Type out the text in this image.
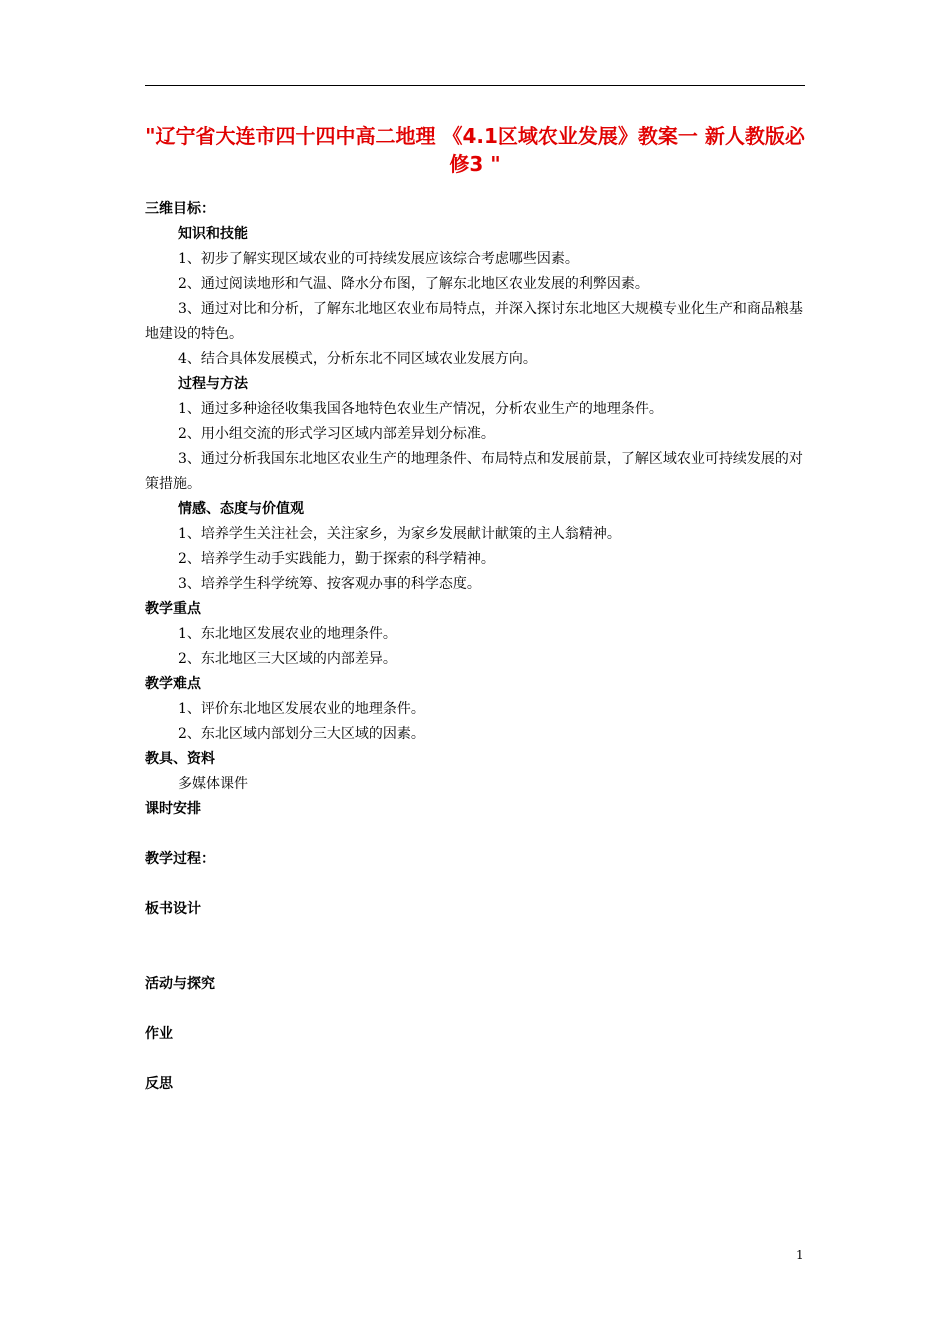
"辽宁省大连市四十四中高二地理 《4.1区域农业发展》教案一 新人教版必修3 "
三维目标：
知识和技能
1、初步了解实现区域农业的可持续发展应该综合考虑哪些因素。
2、通过阅读地形和气温、降水分布图，了解东北地区农业发展的利弊因素。
3、通过对比和分析，了解东北地区农业布局特点，并深入探讨东北地区大规模专业化生产和商品粮基地建设的特色。
4、结合具体发展模式，分析东北不同区域农业发展方向。
过程与方法
1、通过多种途径收集我国各地特色农业生产情况，分析农业生产的地理条件。
2、用小组交流的形式学习区域内部差异划分标准。
3、通过分析我国东北地区农业生产的地理条件、布局特点和发展前景，了解区域农业可持续发展的对策措施。
情感、态度与价值观
1、培养学生关注社会，关注家乡，为家乡发展献计献策的主人翁精神。
2、培养学生动手实践能力，勤于探索的科学精神。
3、培养学生科学统筹、按客观办事的科学态度。
教学重点
1、东北地区发展农业的地理条件。
2、东北地区三大区域的内部差异。
教学难点
1、评价东北地区发展农业的地理条件。
2、东北区域内部划分三大区域的因素。
教具、资料
多媒体课件
课时安排
教学过程：
板书设计
活动与探究
作业
反思
1
